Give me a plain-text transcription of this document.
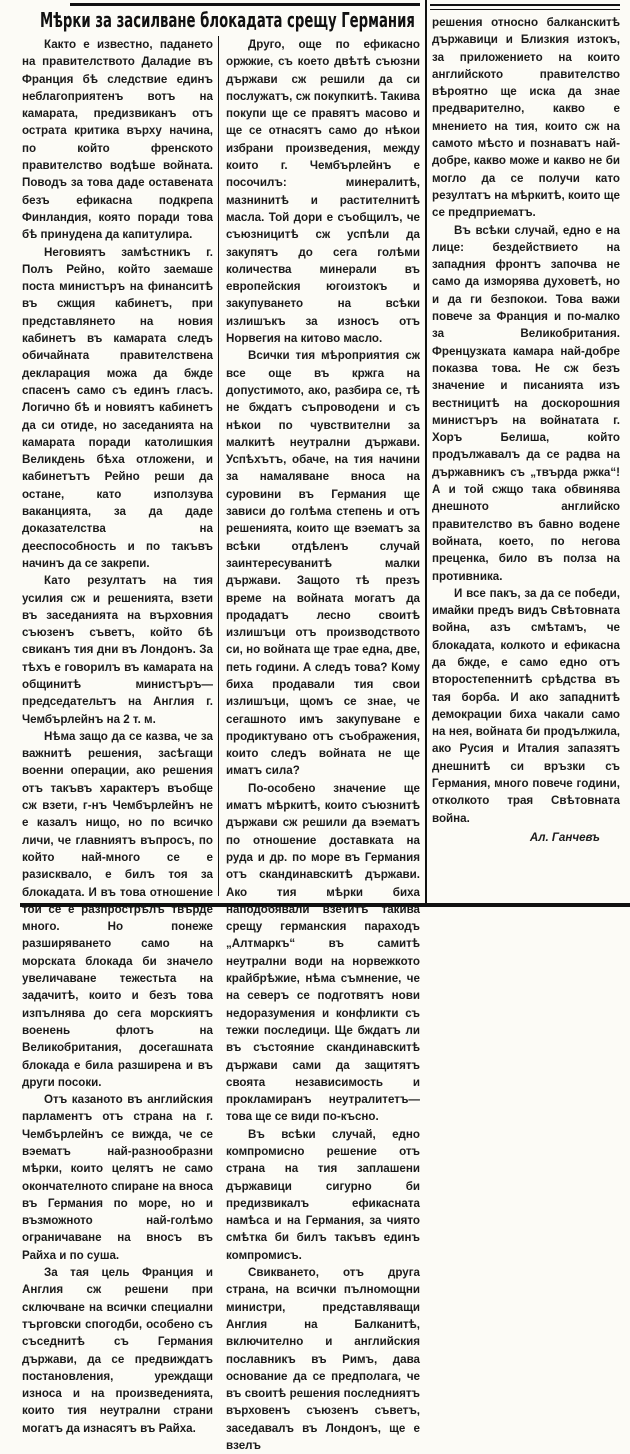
Мѣрки за засилване блокадата срещу Германия

Както е известно, падането на правителството Даладие въ Франция бѣ следствие единъ неблагоприятенъ вотъ на камарата, предизвиканъ отъ острата критика върху начина, по който френското правителство водѣше войната. Поводъ за това даде оставената безъ ефикасна подкрепа Финландия, която поради това бѣ принудена да капитулира.

Неговиятъ замѣстникъ г. Полъ Рейно, който заемаше поста министъръ на финанситѣ въ сжщия кабинетъ, при представлянето на новия кабинетъ въ камарата следъ обичайната правителствена декларация можа да бжде спасенъ само съ единъ гласъ. Логично бѣ и новиятъ кабинетъ да си отиде, но заседанията на камарата поради католишкия Великдень бѣха отложени, и кабинетътъ Рейно реши да остане, като използува ваканцията, за да даде доказателства на дееспособность и по такъвъ начинъ да се закрепи.

Като резултатъ на тия усилия сж и решенията, взети въ заседанията на върховния съюзенъ съветъ, който бѣ свиканъ тия дни въ Лондонъ. За тѣхъ е говорилъ въ камарата на общинитѣ министъръ—председательтъ на Англия г. Чембърлейнъ на 2 т. м.

Нѣма защо да се казва, че за важнитѣ решения, засѣгащи военни операции, ако решения отъ такъвъ характеръ въобще сж взети, г-нъ Чембърлейнъ не е казалъ нищо, но по всичко личи, че главниятъ въпросъ, по който най-много се е разисквало, е билъ тоя за блокадата. И въ това отношение той се е разпрострѣлъ твърде много. Но понеже разширяването само на морската блокада би значело увеличаване тежестьта на задачитѣ, които и безъ това изпълнява до сега морскиятъ военень флотъ на Великобритания, досегашната блокада е била разширена и въ други посоки.

Отъ казаното въ английския парламентъ отъ страна на г. Чембърлейнъ се вижда, че се вэематъ най-разнообразни мѣрки, които целятъ не само окончателното спиране на вноса въ Германия по море, но и възможното най-голѣмо ограничаване на вносъ въ Райха и по суша.

За тая цель Франция и Англия сж решени при сключване на всички специални търговски спогодби, особено съ съседнитѣ съ Германия държави, да се предвиждатъ постановления, уреждащи износа и на произведенията, които тия неутрални страни могатъ да изнасятъ въ Райха.

Друго, още по ефикасно оржжие, съ което двѣтѣ съюзни държави сж решили да си послужатъ, сж покупкитѣ. Такива покупи ще се правятъ масово и ще се отнасятъ само до нѣкои избрани произведения, между които г. Чембърлейнъ е посочилъ: минералитѣ, мазнинитѣ и растителнитѣ масла. Той дори е съобщилъ, че съюзницитѣ сж успѣли да закупятъ до сега голѣми количества минерали въ европейския югоизтокъ и закупуването на всѣки излишъкъ за износъ отъ Норвегия на китово масло.

Всички тия мѣроприятия сж все още въ кржга на допустимото, ако, разбира се, тѣ не бждатъ съпроводени и съ нѣкои по чувствителни за малкитѣ неутрални държави. Успѣхътъ, обаче, на тия начини за намаляване вноса на суровини въ Германия ще зависи до голѣма степень и отъ решенията, които ще вэематъ за всѣки отдѣленъ случай заинтересуванитѣ малки държави. Защото тѣ презъ време на войната могатъ да продадатъ лесно своитѣ излишъци отъ производството си, но войната ще трае една, две, петь години. А следъ това? Кому биха продавали тия свои излишъци, щомъ се знае, че сегашното имъ закупуване е продиктувано отъ съображения, които следъ войната не ще иматъ сила?

По-особено значение ще иматъ мѣркитѣ, които съюзнитѣ държави сж решили да вэематъ по отношение доставката на руда и др. по море въ Германия отъ скандинавскитѣ държави. Ако тия мѣрки биха наподобявали взетитѣ такива срещу германския параходъ „Алтмаркъ“ въ самитѣ неутрални води на норвежкото крайбрѣжие, нѣма съмнение, че на северъ се подготвятъ нови недоразумения и конфликти съ тежки последици. Ще бждатъ ли въ състояние скандинавскитѣ държави сами да защитятъ своята независимость и прокламиранъ неутралитетъ—това ще се види по-късно.

Въ всѣки случай, едно компромисно решение отъ страна на тия заплашени държавици сигурно би предизвикалъ ефикасната намѣса и на Германия, за чиято смѣтка би билъ такъвъ единъ компромисъ.

Свикването, отъ друга страна, на всички пълномощни министри, представляващи Англия на Балканитѣ, включително и английския пославникъ въ Римъ, дава основание да се предполага, че въ своитѣ решения последниятъ върховенъ съюзенъ съветъ, заседавалъ въ Лондонъ, ще е взелъ

решения относно балканскитѣ държавици и Близкия изтокъ, за приложението на които английското правителство вѣроятно ще иска да знае предварително, какво е мнението на тия, които сж на самото мѣсто и познаватъ най-добре, какво може и какво не би могло да се получи като резултатъ на мѣркитѣ, които ще се предприематъ.

Въ всѣки случай, едно е на лице: бездействието на западния фронтъ започва не само да изморява духоветѣ, но и да ги безпокои. Това важи повече за Франция и по-малко за Великобритания. Френцузката камара най-добре показва това. Не сж безъ значение и писанията изъ вестницитѣ на доскорошния министъръ на войнатата г. Хоръ Белиша, който продължавалъ да се радва на държавникъ съ „твърда ржка“! А и той сжщо така обвинява днешното английско правителство въ бавно водене войната, което, по негова преценка, било въ полза на противника.

И все пакъ, за да се победи, имайки предъ видъ Свѣтовната война, азъ смѣтамъ, че блокадата, колкото и ефикасна да бжде, е само едно отъ второстепеннитѣ срѣдства въ тая борба. И ако западнитѣ демокрации биха чакали само на нея, войната би продължила, ако Русия и Италия запазятъ днешнитѣ си връзки съ Германия, много повече години, отколкото трая Свѣтовната война.

Ал. Ганчевъ
